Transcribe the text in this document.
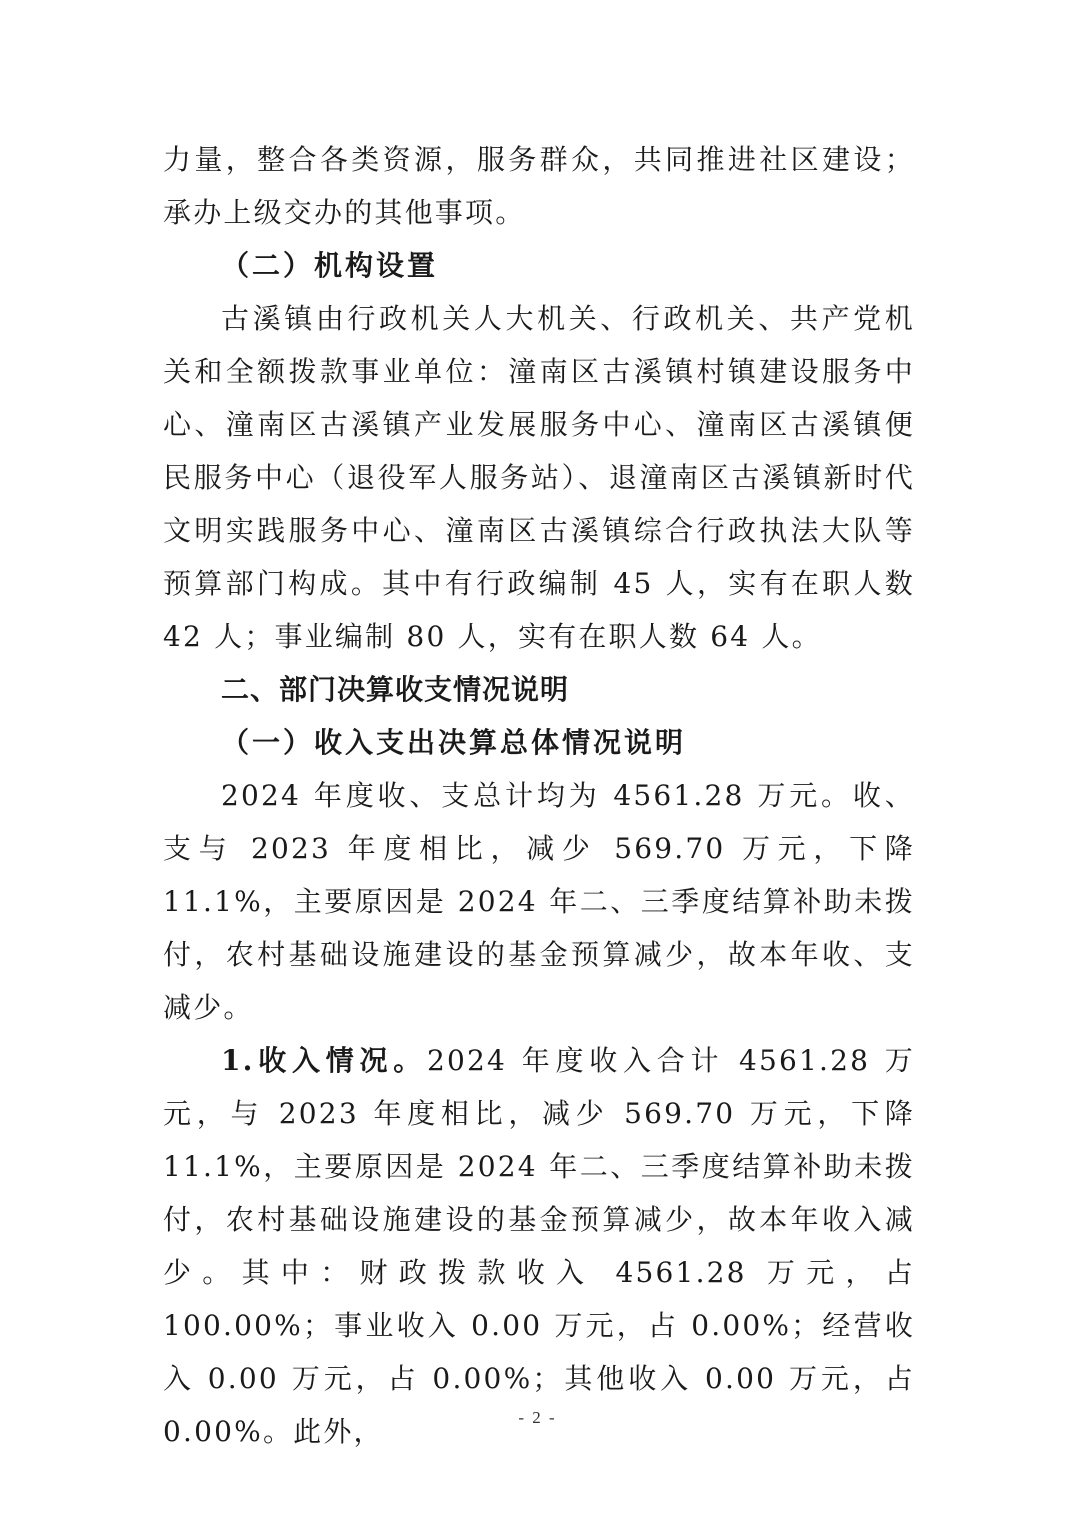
力量，整合各类资源，服务群众，共同推进社区建设；承办上级交办的其他事项。

（二）机构设置

古溪镇由行政机关人大机关、行政机关、共产党机关和全额拨款事业单位：潼南区古溪镇村镇建设服务中心、潼南区古溪镇产业发展服务中心、潼南区古溪镇便民服务中心（退役军人服务站）、退潼南区古溪镇新时代文明实践服务中心、潼南区古溪镇综合行政执法大队等预算部门构成。其中有行政编制 45 人，实有在职人数 42 人；事业编制 80 人，实有在职人数 64 人。

二、部门决算收支情况说明

（一）收入支出决算总体情况说明

2024 年度收、支总计均为 4561.28 万元。收、支与 2023 年度相比，减少 569.70 万元，下降 11.1%，主要原因是 2024 年二、三季度结算补助未拨付，农村基础设施建设的基金预算减少，故本年收、支减少。

1.收入情况。2024 年度收入合计 4561.28 万元，与 2023 年度相比，减少 569.70 万元，下降 11.1%，主要原因是 2024 年二、三季度结算补助未拨付，农村基础设施建设的基金预算减少，故本年收入减少。其中：财政拨款收入 4561.28 万元，占 100.00%；事业收入 0.00 万元，占 0.00%；经营收入 0.00 万元，占 0.00%；其他收入 0.00 万元，占 0.00%。此外，	- 2 -
